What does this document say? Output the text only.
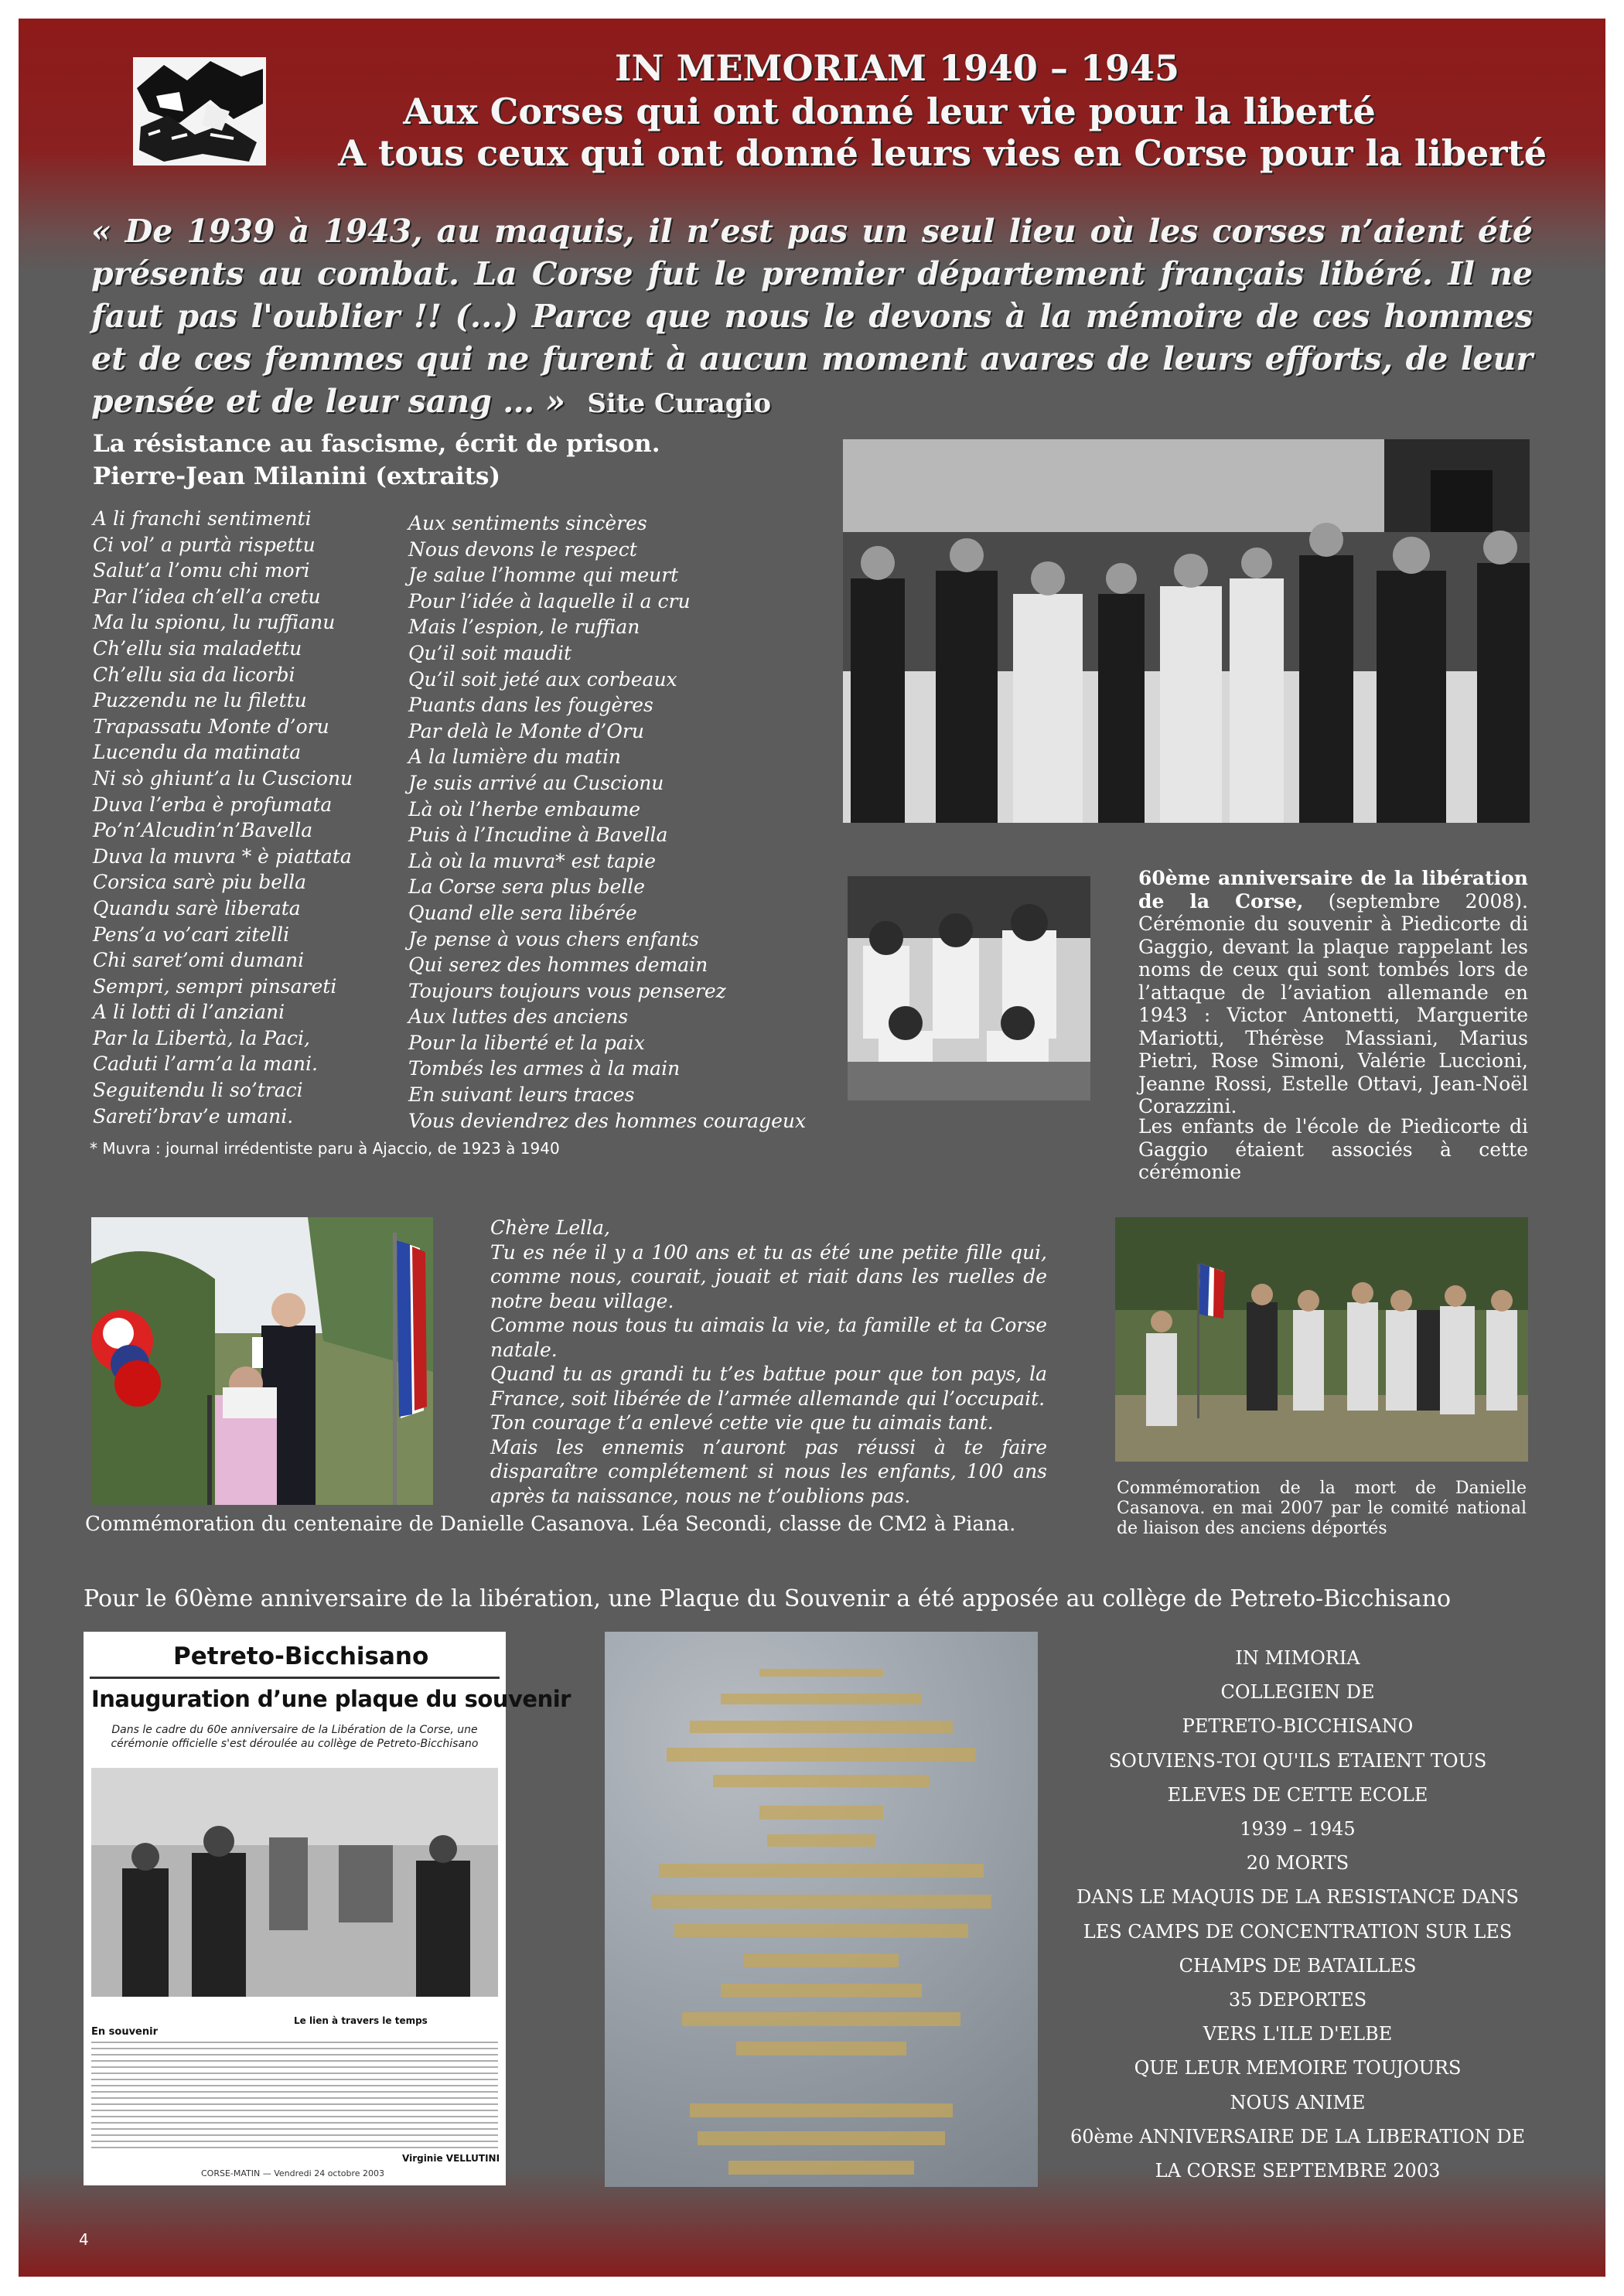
IN MEMORIAM 1940 – 1945
Aux Corses qui ont donné leur vie pour la liberté
A tous ceux qui ont donné leurs vies en Corse pour la liberté
« De 1939 à 1943, au maquis, il n’est pas un seul lieu où les corses n’aient été présents au combat. La Corse fut le premier département français libéré. Il ne faut pas l'oublier !! (...) Parce que nous le devons à la mémoire de ces hommes et de ces femmes qui ne furent à aucun moment avares de leurs efforts, de leur pensée et de leur sang … » Site Curagio
La résistance au fascisme, écrit de prison.
Pierre-Jean Milanini (extraits)
A li franchi sentimenti
Ci vol’ a purtà rispettu
Salut’a l’omu chi mori
Par l’idea ch’ell’a cretu
Ma lu spionu, lu ruffianu
Ch’ellu sia maladettu
Ch’ellu sia da licorbi
Puzzendu ne lu filettu
Trapassatu Monte d’oru
Lucendu da matinata
Ni sò ghiunt’a lu Cuscionu
Duva l’erba è profumata
Po’n’Alcudin’n’Bavella
Duva la muvra * è piattata
Corsica sarè piu bella
Quandu sarè liberata
Pens’a vo’cari zitelli
Chi saret’omi dumani
Sempri, sempri pinsareti
A li lotti di l’anziani
Par la Libertà, la Paci,
Caduti l’arm’a la mani.
Seguitendu li so’traci
Sareti’brav’e umani.
Aux sentiments sincères
Nous devons le respect
Je salue l’homme qui meurt
Pour l’idée à laquelle il a cru
Mais l’espion, le ruffian
Qu’il soit maudit
Qu’il soit jeté aux corbeaux
Puants dans les fougères
Par delà le Monte d’Oru
A la lumière du matin
Je suis arrivé au Cuscionu
Là où l’herbe embaume
Puis à l’Incudine à Bavella
Là où la muvra* est tapie
La Corse sera plus belle
Quand elle sera libérée
Je pense à vous chers enfants
Qui serez des hommes demain
Toujours toujours vous penserez
Aux luttes des anciens
Pour la liberté et la paix
Tombés les armes à la main
En suivant leurs traces
Vous deviendrez des hommes courageux
* Muvra : journal irrédentiste paru à Ajaccio, de 1923 à 1940
60ème anniversaire de la libération de la Corse, (septembre 2008). Cérémonie du souvenir à Piedicorte di Gaggio, devant la plaque rappelant les noms de ceux qui sont tombés lors de l’attaque de l’aviation allemande en 1943 : Victor Antonetti, Marguerite Mariotti, Thérèse Massiani, Marius Pietri, Rose Simoni, Valérie Luccioni, Jeanne Rossi, Estelle Ottavi, Jean-Noël Corazzini.
Les enfants de l'école de Piedicorte di Gaggio étaient associés à cette cérémonie
Chère Lella,
Tu es née il y a 100 ans et tu as été une petite fille qui, comme nous, courait, jouait et riait dans les ruelles de notre beau village.
Comme nous tous tu aimais la vie, ta famille et ta Corse natale.
Quand tu as grandi tu t’es battue pour que ton pays, la France, soit libérée de l’armée allemande qui l’occupait.
Ton courage t’a enlevé cette vie que tu aimais tant.
Mais les ennemis n’auront pas réussi à te faire disparaître complétement si nous les enfants, 100 ans après ta naissance, nous ne t’oublions pas.
Commémoration du centenaire de Danielle Casanova. Léa Secondi, classe de CM2 à Piana.
Commémoration de la mort de Danielle Casanova. en mai 2007 par le comité national de liaison des anciens déportés
Pour le 60ème anniversaire de la libération, une Plaque du Souvenir a été apposée au collège de Petreto-Bicchisano
Petreto-Bicchisano
Inauguration d’une plaque du souvenir
Dans le cadre du 60e anniversaire de la Libération de la Corse, une cérémonie officielle s'est déroulée au collège de Petreto-Bicchisano
En souvenir
Le lien à travers le temps
Virginie VELLUTINI
CORSE-MATIN — Vendredi 24 octobre 2003
IN MIMORIA
COLLEGIEN DE
PETRETO-BICCHISANO
SOUVIENS-TOI QU'ILS ETAIENT TOUS
ELEVES DE CETTE ECOLE
1939 – 1945
20 MORTS
DANS LE MAQUIS DE LA RESISTANCE DANS
LES CAMPS DE CONCENTRATION SUR LES
CHAMPS DE BATAILLES
35 DEPORTES
VERS L'ILE D'ELBE
QUE LEUR MEMOIRE TOUJOURS
NOUS ANIME
60ème ANNIVERSAIRE DE LA LIBERATION DE
LA CORSE SEPTEMBRE 2003
4
